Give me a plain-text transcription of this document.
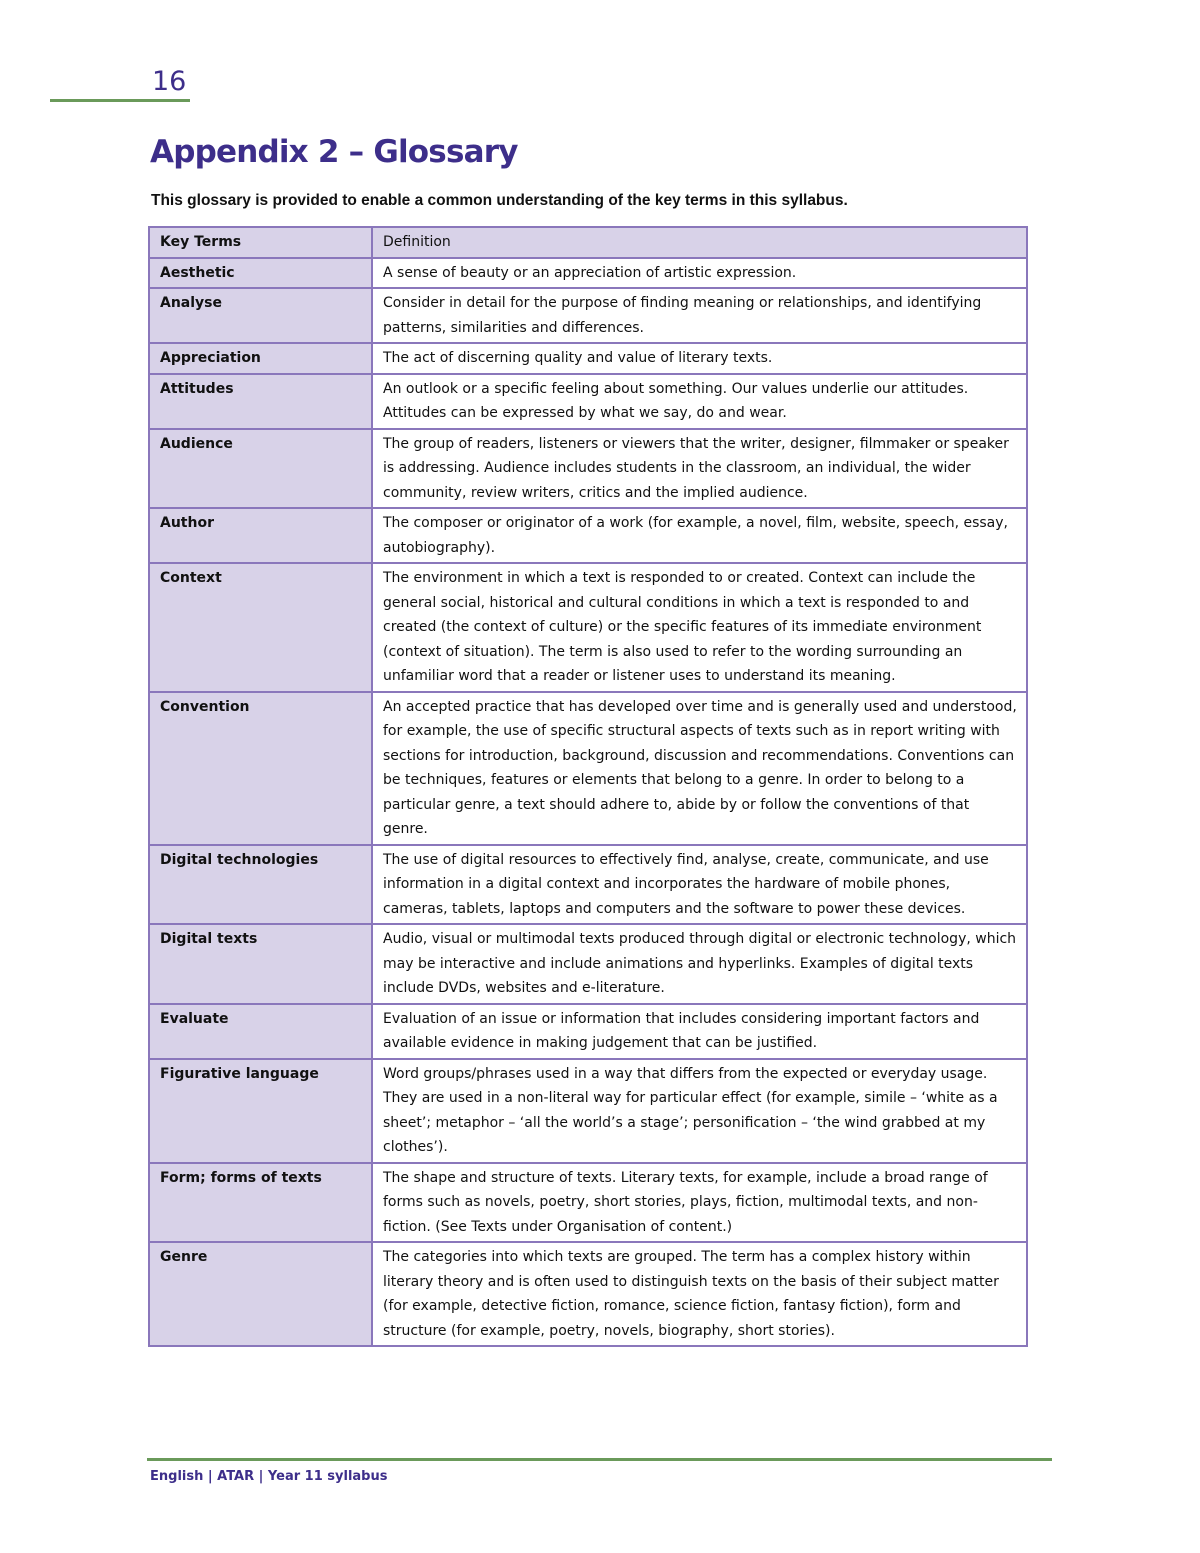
16
Appendix 2 – Glossary

This glossary is provided to enable a common understanding of the key terms in this syllabus.

Key Terms	Definition
Aesthetic	A sense of beauty or an appreciation of artistic expression.
Analyse	Consider in detail for the purpose of finding meaning or relationships, and identifying patterns, similarities and differences.
Appreciation	The act of discerning quality and value of literary texts.
Attitudes	An outlook or a specific feeling about something. Our values underlie our attitudes. Attitudes can be expressed by what we say, do and wear.
Audience	The group of readers, listeners or viewers that the writer, designer, filmmaker or speaker is addressing. Audience includes students in the classroom, an individual, the wider community, review writers, critics and the implied audience.
Author	The composer or originator of a work (for example, a novel, film, website, speech, essay, autobiography).
Context	The environment in which a text is responded to or created. Context can include the general social, historical and cultural conditions in which a text is responded to and created (the context of culture) or the specific features of its immediate environment (context of situation). The term is also used to refer to the wording surrounding an unfamiliar word that a reader or listener uses to understand its meaning.
Convention	An accepted practice that has developed over time and is generally used and understood, for example, the use of specific structural aspects of texts such as in report writing with sections for introduction, background, discussion and recommendations. Conventions can be techniques, features or elements that belong to a genre. In order to belong to a particular genre, a text should adhere to, abide by or follow the conventions of that genre.
Digital technologies	The use of digital resources to effectively find, analyse, create, communicate, and use information in a digital context and incorporates the hardware of mobile phones, cameras, tablets, laptops and computers and the software to power these devices.
Digital texts	Audio, visual or multimodal texts produced through digital or electronic technology, which may be interactive and include animations and hyperlinks. Examples of digital texts include DVDs, websites and e-literature.
Evaluate	Evaluation of an issue or information that includes considering important factors and available evidence in making judgement that can be justified.
Figurative language	Word groups/phrases used in a way that differs from the expected or everyday usage. They are used in a non-literal way for particular effect (for example, simile – ‘white as a sheet’; metaphor – ‘all the world’s a stage’; personification – ‘the wind grabbed at my clothes’).
Form; forms of texts	The shape and structure of texts. Literary texts, for example, include a broad range of forms such as novels, poetry, short stories, plays, fiction, multimodal texts, and non-fiction. (See Texts under Organisation of content.)
Genre	The categories into which texts are grouped. The term has a complex history within literary theory and is often used to distinguish texts on the basis of their subject matter (for example, detective fiction, romance, science fiction, fantasy fiction), form and structure (for example, poetry, novels, biography, short stories).
English | ATAR | Year 11 syllabus
